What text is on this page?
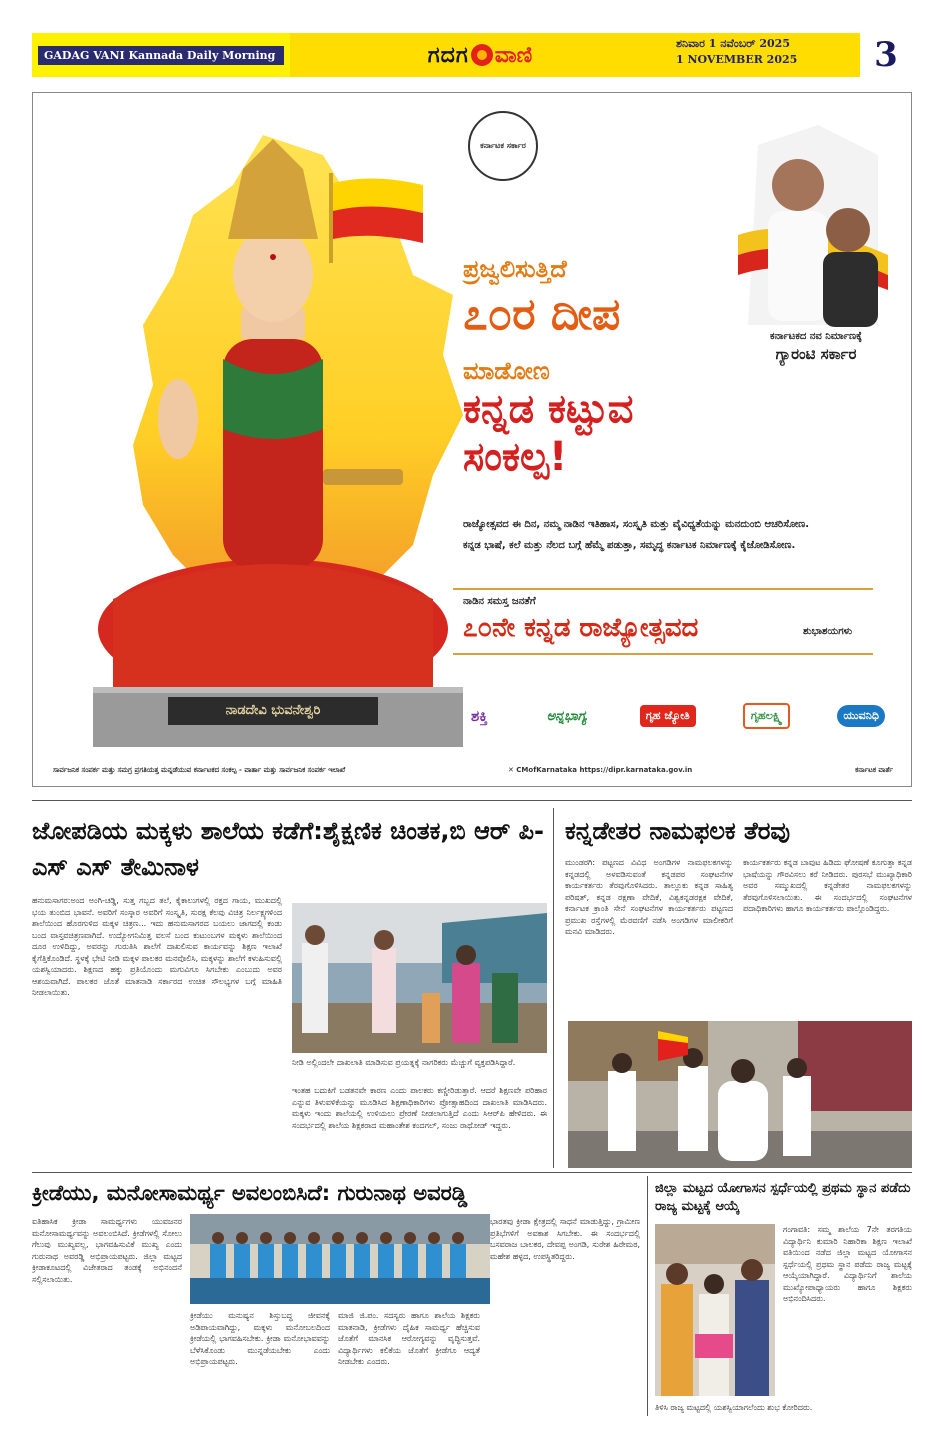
GADAG VANI Kannada Daily Morning	ಗದಗ ವಾಣಿ	ಶನಿವಾರ 1 ನವೆಂಬರ್ 2025
1 NOVEMBER 2025	3
ನಾಡದೇವಿ ಭುವನೇಶ್ವರಿ
ಕರ್ನಾಟಕ ಸರ್ಕಾರ
ಕರ್ನಾಟಕದ ನವ ನಿರ್ಮಾಣಕ್ಕೆ
ಗ್ಯಾರಂಟಿ ಸರ್ಕಾರ
ಪ್ರಜ್ವಲಿಸುತ್ತಿದೆ
೭೦ರ ದೀಪ
ಮಾಡೋಣ
ಕನ್ನಡ ಕಟ್ಟುವ ಸಂಕಲ್ಪ!

ರಾಜ್ಯೋತ್ಸವದ ಈ ದಿನ, ನಮ್ಮ ನಾಡಿನ ಇತಿಹಾಸ, ಸಂಸ್ಕೃತಿ ಮತ್ತು ವೈವಿಧ್ಯತೆಯನ್ನು ಮನದುಂಬಿ ಆಚರಿಸೋಣ.

ಕನ್ನಡ ಭಾಷೆ, ಕಲೆ ಮತ್ತು ನೆಲದ ಬಗ್ಗೆ ಹೆಮ್ಮೆ ಪಡುತ್ತಾ, ಸಮೃದ್ಧ ಕರ್ನಾಟಕ ನಿರ್ಮಾಣಕ್ಕೆ ಕೈಜೋಡಿಸೋಣ.

ನಾಡಿನ ಸಮಸ್ತ ಜನತೆಗೆ
೭೦ನೇ ಕನ್ನಡ ರಾಜ್ಯೋತ್ಸವದ	ಶುಭಾಶಯಗಳು
ಶಕ್ತಿ	ಅನ್ನಭಾಗ್ಯ	ಗೃಹ ಜ್ಯೋತಿ	ಗೃಹಲಕ್ಷ್ಮಿ	ಯುವನಿಧಿ
ಸಾರ್ವಜನಿಕ ಸಂಪರ್ಕ ಮತ್ತು ಸಮಗ್ರ ಪ್ರಗತಿಯತ್ತ ಮನ್ನಡೆಯುವ ಕರ್ನಾಟಕದ ಸಂಕಲ್ಪ - ವಾರ್ತಾ ಮತ್ತು ಸಾರ್ವಜನಿಕ ಸಂಪರ್ಕ ಇಲಾಖೆ	✕ CMofKarnataka https://dipr.karnataka.gov.in	ಕರ್ನಾಟಕ ವಾರ್ತೆ
ಜೋಪಡಿಯ ಮಕ್ಕಳು ಶಾಲೆಯ ಕಡೆಗೆ:ಶೈಕ್ಷಣಿಕ ಚಿಂತಕ,ಬಿ ಆರ್ ಪಿ-ಎಸ್ ಎಸ್ ತೇಮಿನಾಳ
ಹನುಮಸಾಗರ:ಅಂದ ಅಂಗಿ-ಚಡ್ಡಿ, ಸುತ್ತ ಗಬ್ಬದ ತಲೆ, ಕೈಕಾಲುಗಳಲ್ಲಿ ರಕ್ತದ ಗಾಯ, ಮುಖದಲ್ಲಿ ಭಯ ತುಂಬಿದ ಭಾವನೆ. ಅವರಿಗೆ ಸಂಸ್ಕಾರ ಅವರಿಗೆ ಸಂಸ್ಕೃತಿ, ಸುರಕ್ಷ ಕೆಲವು ವಿಚಿತ್ರ ನಿರ್ಲಕ್ಷ್ಯಗಳಿಂದ ಶಾಲೆಯಿಂದ ಹೊರಗುಳಿದ ಮಕ್ಕಳ ಚಿತ್ರಣ... ಇದು ಹನುಮಸಾಗರದ ಬಯಲು ಜಾಗದಲ್ಲಿ ಕಂಡು ಬಂದ ವಾಸ್ತವಚಿತ್ರಣವಾಗಿದೆ. ಉದ್ಯೋಗನಿಮಿತ್ತ ವಲಸೆ ಬಂದ ಕುಟುಂಬಗಳ ಮಕ್ಕಳು ಶಾಲೆಯಿಂದ ದೂರ ಉಳಿದಿದ್ದು, ಅವರನ್ನು ಗುರುತಿಸಿ ಶಾಲೆಗೆ ದಾಖಲಿಸುವ ಕಾರ್ಯವನ್ನು ಶಿಕ್ಷಣ ಇಲಾಖೆ ಕೈಗೆತ್ತಿಕೊಂಡಿದೆ. ಸ್ಥಳಕ್ಕೆ ಭೇಟಿ ನೀಡಿ ಮಕ್ಕಳ ಪಾಲಕರ ಮನವೊಲಿಸಿ, ಮಕ್ಕಳನ್ನು ಶಾಲೆಗೆ ಕಳುಹಿಸುವಲ್ಲಿ ಯಶಸ್ವಿಯಾದರು. ಶಿಕ್ಷಣದ ಹಕ್ಕು ಪ್ರತಿಯೊಂದು ಮಗುವಿಗೂ ಸಿಗಬೇಕು ಎಂಬುದು ಅವರ ಆಶಯವಾಗಿದೆ. ಪಾಲಕರ ಜೊತೆ ಮಾತನಾಡಿ ಸರ್ಕಾರದ ಉಚಿತ ಸೌಲಭ್ಯಗಳ ಬಗ್ಗೆ ಮಾಹಿತಿ ನೀಡಲಾಯಿತು.
ನೀಡಿ ಅಲ್ಲಿಂದಲೇ ದಾಖಲಾತಿ ಮಾಡಿಸುವ ಪ್ರಯತ್ನಕ್ಕೆ ನಾಗರಿಕರು ಮೆಚ್ಚುಗೆ ವ್ಯಕ್ತಪಡಿಸಿದ್ದಾರೆ.
ಇಂತಹ ಬದುಕಿಗೆ ಬಡತನವೇ ಕಾರಣ ಎಂದು ಪಾಲಕರು ಕಣ್ಣೀರಿಡುತ್ತಾರೆ. ಆದರೆ ಶಿಕ್ಷಣವೇ ಪರಿಹಾರ ಎನ್ನುವ ತಿಳುವಳಿಕೆಯನ್ನು ಮೂಡಿಸಿದ ಶಿಕ್ಷಣಾಧಿಕಾರಿಗಳು ಪ್ರೋತ್ಸಾಹದಿಂದ ದಾಖಲಾತಿ ಮಾಡಿಸಿದರು. ಮಕ್ಕಳು ಇಂದು ಶಾಲೆಯಲ್ಲಿ ಉಳಿಯಲು ಪ್ರೇರಣೆ ನೀಡಲಾಗುತ್ತಿದೆ ಎಂದು ಸಿಆರ್‌ಪಿ ಹೇಳಿದರು. ಈ ಸಂದರ್ಭದಲ್ಲಿ ಶಾಲೆಯ ಶಿಕ್ಷಕರಾದ ಮಹಾಂತೇಶ ಕಂದಗಲ್, ಸಂಜು ರಾಥೋಡ್ ಇದ್ದರು.
ಕನ್ನಡೇತರ ನಾಮಫಲಕ ತೆರವು
ಮುಂಡರಗಿ: ಪಟ್ಟಣದ ವಿವಿಧ ಅಂಗಡಿಗಳ ನಾಮಫಲಕಗಳನ್ನು ಕನ್ನಡದಲ್ಲಿ ಅಳವಡಿಸುವಂತೆ ಕನ್ನಡಪರ ಸಂಘಟನೆಗಳ ಕಾರ್ಯಕರ್ತರು ತೆರವುಗೊಳಿಸಿದರು. ತಾಲ್ಲೂಕು ಕನ್ನಡ ಸಾಹಿತ್ಯ ಪರಿಷತ್, ಕನ್ನಡ ರಕ್ಷಣಾ ವೇದಿಕೆ, ವಿಶ್ವಕನ್ನಡರಕ್ಷಕ ವೇದಿಕೆ, ಕರ್ನಾಟಕ ಕ್ರಾಂತಿ ಸೇನೆ ಸಂಘಟನೆಗಳ ಕಾರ್ಯಕರ್ತರು ಪಟ್ಟಣದ ಪ್ರಮುಖ ರಸ್ತೆಗಳಲ್ಲಿ ಮೆರವಣಿಗೆ ನಡೆಸಿ ಅಂಗಡಿಗಳ ಮಾಲೀಕರಿಗೆ ಮನವಿ ಮಾಡಿದರು.
ಕಾರ್ಯಕರ್ತರು ಕನ್ನಡ ಬಾವುಟ ಹಿಡಿದು ಘೋಷಣೆ ಕೂಗುತ್ತಾ ಕನ್ನಡ ಭಾಷೆಯನ್ನು ಗೌರವಿಸಲು ಕರೆ ನೀಡಿದರು. ಪುರಸಭೆ ಮುಖ್ಯಾಧಿಕಾರಿ ಅವರ ಸಮ್ಮುಖದಲ್ಲಿ ಕನ್ನಡೇತರ ನಾಮಫಲಕಗಳನ್ನು ತೆರವುಗೊಳಿಸಲಾಯಿತು. ಈ ಸಂದರ್ಭದಲ್ಲಿ ಸಂಘಟನೆಗಳ ಪದಾಧಿಕಾರಿಗಳು ಹಾಗೂ ಕಾರ್ಯಕರ್ತರು ಪಾಲ್ಗೊಂಡಿದ್ದರು.
ಕ್ರೀಡೆಯು, ಮನೋಸಾಮರ್ಥ್ಯ ಅವಲಂಬಿಸಿದೆ: ಗುರುನಾಥ ಅವರಡ್ಡಿ
ಐತಿಹಾಸಿಕ ಕ್ರೀಡಾ ಸಾಮರ್ಥ್ಯಗಳು ಯುವಜನರ ಮನೋಸಾಮರ್ಥ್ಯವನ್ನು ಅವಲಂಬಿಸಿದೆ. ಕ್ರೀಡೆಗಳಲ್ಲಿ ಸೋಲು ಗೆಲುವು ಮುಖ್ಯವಲ್ಲ, ಭಾಗವಹಿಸುವಿಕೆ ಮುಖ್ಯ ಎಂದು ಗುರುನಾಥ ಅವರಡ್ಡಿ ಅಭಿಪ್ರಾಯಪಟ್ಟರು. ಜಿಲ್ಲಾ ಮಟ್ಟದ ಕ್ರೀಡಾಕೂಟದಲ್ಲಿ ವಿಜೇತರಾದ ತಂಡಕ್ಕೆ ಅಭಿನಂದನೆ ಸಲ್ಲಿಸಲಾಯಿತು.
ಕ್ರೀಡೆಯು ಮನುಷ್ಯನ ಶಿಸ್ತುಬದ್ಧ ಜೀವನಕ್ಕೆ ಅಡಿಪಾಯವಾಗಿದ್ದು, ಮಕ್ಕಳು ಮನೋಬಲದಿಂದ ಕ್ರೀಡೆಯಲ್ಲಿ ಭಾಗವಹಿಸಬೇಕು. ಕ್ರೀಡಾ ಮನೋಭಾವವನ್ನು ಬೆಳೆಸಿಕೊಂಡು ಮುನ್ನಡೆಯಬೇಕು ಎಂದು ಅಭಿಪ್ರಾಯಪಟ್ಟರು.
ಮಾಜಿ ಜಿ.ಪಂ. ಸದಸ್ಯರು ಹಾಗೂ ಶಾಲೆಯ ಶಿಕ್ಷಕರು ಮಾತನಾಡಿ, ಕ್ರೀಡೆಗಳು ದೈಹಿಕ ಸಾಮರ್ಥ್ಯ ಹೆಚ್ಚಿಸುವ ಜೊತೆಗೆ ಮಾನಸಿಕ ಆರೋಗ್ಯವನ್ನು ವೃದ್ಧಿಸುತ್ತವೆ. ವಿದ್ಯಾರ್ಥಿಗಳು ಕಲಿಕೆಯ ಜೊತೆಗೆ ಕ್ರೀಡೆಗೂ ಆದ್ಯತೆ ನೀಡಬೇಕು ಎಂದರು.
ಭಾರತವು ಕ್ರೀಡಾ ಕ್ಷೇತ್ರದಲ್ಲಿ ಸಾಧನೆ ಮಾಡುತ್ತಿದ್ದು, ಗ್ರಾಮೀಣ ಪ್ರತಿಭೆಗಳಿಗೆ ಅವಕಾಶ ಸಿಗಬೇಕು. ಈ ಸಂದರ್ಭದಲ್ಲಿ ಬಸವರಾಜ ಬಾಲಕರ, ದೇವಪ್ಪ ಅಂಗಡಿ, ಸುರೇಶ ಹಿರೇಮಠ, ಮಹೇಶ ಹಳ್ಳದ, ಉಪಸ್ಥಿತರಿದ್ದರು.
ಜಿಲ್ಲಾ ಮಟ್ಟದ ಯೋಗಾಸನ ಸ್ಪರ್ಧೆಯಲ್ಲಿ ಪ್ರಥಮ ಸ್ಥಾನ ಪಡೆದು ರಾಜ್ಯ ಮಟ್ಟಕ್ಕೆ ಆಯ್ಕೆ
ಗಂಗಾವತಿ: ಸಮ್ಮ ಶಾಲೆಯ 7ನೇ ತರಗತಿಯ ವಿದ್ಯಾರ್ಥಿನಿ ಕುಮಾರಿ ನಿಹಾರಿಕಾ ಶಿಕ್ಷಣ ಇಲಾಖೆ ವತಿಯಿಂದ ನಡೆದ ಜಿಲ್ಲಾ ಮಟ್ಟದ ಯೋಗಾಸನ ಸ್ಪರ್ಧೆಯಲ್ಲಿ ಪ್ರಥಮ ಸ್ಥಾನ ಪಡೆದು ರಾಜ್ಯ ಮಟ್ಟಕ್ಕೆ ಆಯ್ಕೆಯಾಗಿದ್ದಾರೆ. ವಿದ್ಯಾರ್ಥಿನಿಗೆ ಶಾಲೆಯ ಮುಖ್ಯೋಪಾಧ್ಯಾಯರು ಹಾಗೂ ಶಿಕ್ಷಕರು ಅಭಿನಂದಿಸಿದರು.
ತಿಳಿಸಿ ರಾಜ್ಯ ಮಟ್ಟದಲ್ಲಿ ಯಶಸ್ವಿಯಾಗಲೆಂದು ಶುಭ ಕೋರಿದರು.
